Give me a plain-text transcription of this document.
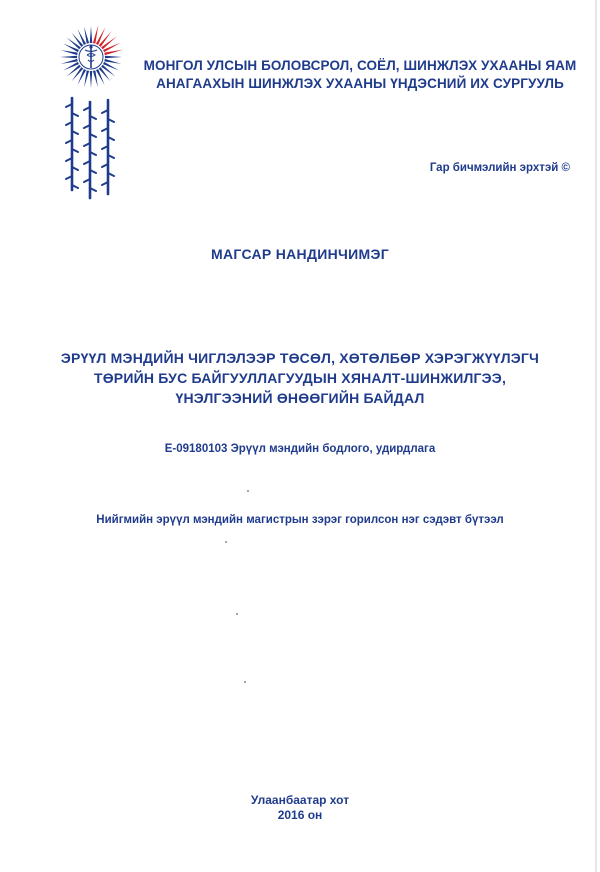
МОНГОЛ УЛСЫН БОЛОВСРОЛ, СОЁЛ, ШИНЖЛЭХ УХААНЫ ЯАМ
АНАГААХЫН ШИНЖЛЭХ УХААНЫ ҮНДЭСНИЙ ИХ СУРГУУЛЬ
Гар бичмэлийн эрхтэй ©
МАГСАР НАНДИНЧИМЭГ
ЭРҮҮЛ МЭНДИЙН ЧИГЛЭЛЭЭР ТӨСӨЛ, ХӨТӨЛБӨР ХЭРЭГЖҮҮЛЭГЧ
ТӨРИЙН БУС БАЙГУУЛЛАГУУДЫН ХЯНАЛТ-ШИНЖИЛГЭЭ,
ҮНЭЛГЭЭНИЙ ӨНӨӨГИЙН БАЙДАЛ
Е-09180103 Эрүүл мэндийн бодлого, удирдлага
Нийгмийн эрүүл мэндийн магистрын зэрэг горилсон нэг сэдэвт бүтээл
Улаанбаатар хот
2016 он
